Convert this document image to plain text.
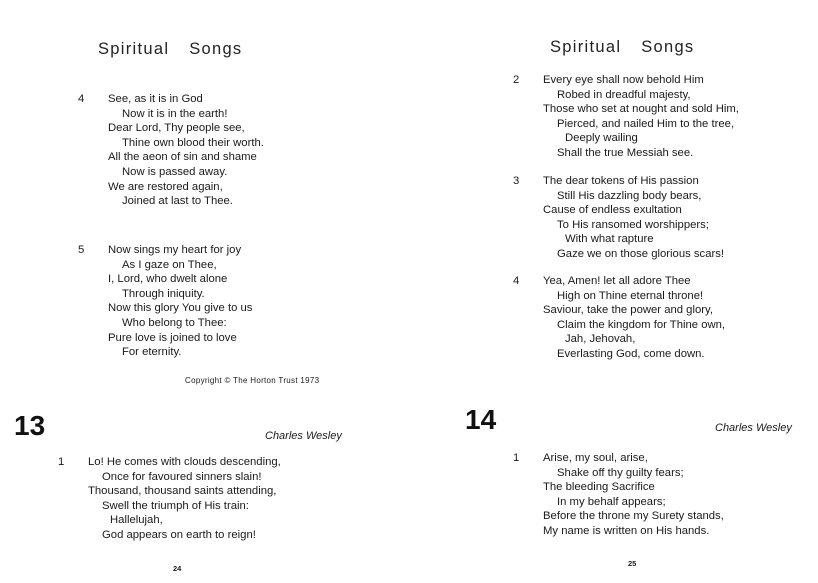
Spiritual Songs
4	See, as it is in God
Now it is in the earth!
Dear Lord, Thy people see,
Thine own blood their worth.
All the aeon of sin and shame
Now is passed away.
We are restored again,
Joined at last to Thee.
5	Now sings my heart for joy
As I gaze on Thee,
I, Lord, who dwelt alone
Through iniquity.
Now this glory You give to us
Who belong to Thee:
Pure love is joined to love
For eternity.
Copyright © The Horton Trust 1973
13	Charles Wesley
1	Lo! He comes with clouds descending,
Once for favoured sinners slain!
Thousand, thousand saints attending,
Swell the triumph of His train:
Hallelujah,
God appears on earth to reign!
24
Spiritual Songs
2	Every eye shall now behold Him
Robed in dreadful majesty,
Those who set at nought and sold Him,
Pierced, and nailed Him to the tree,
Deeply wailing
Shall the true Messiah see.
3	The dear tokens of His passion
Still His dazzling body bears,
Cause of endless exultation
To His ransomed worshippers;
With what rapture
Gaze we on those glorious scars!
4	Yea, Amen! let all adore Thee
High on Thine eternal throne!
Saviour, take the power and glory,
Claim the kingdom for Thine own,
Jah, Jehovah,
Everlasting God, come down.
14	Charles Wesley
1	Arise, my soul, arise,
Shake off thy guilty fears;
The bleeding Sacrifice
In my behalf appears;
Before the throne my Surety stands,
My name is written on His hands.
25
